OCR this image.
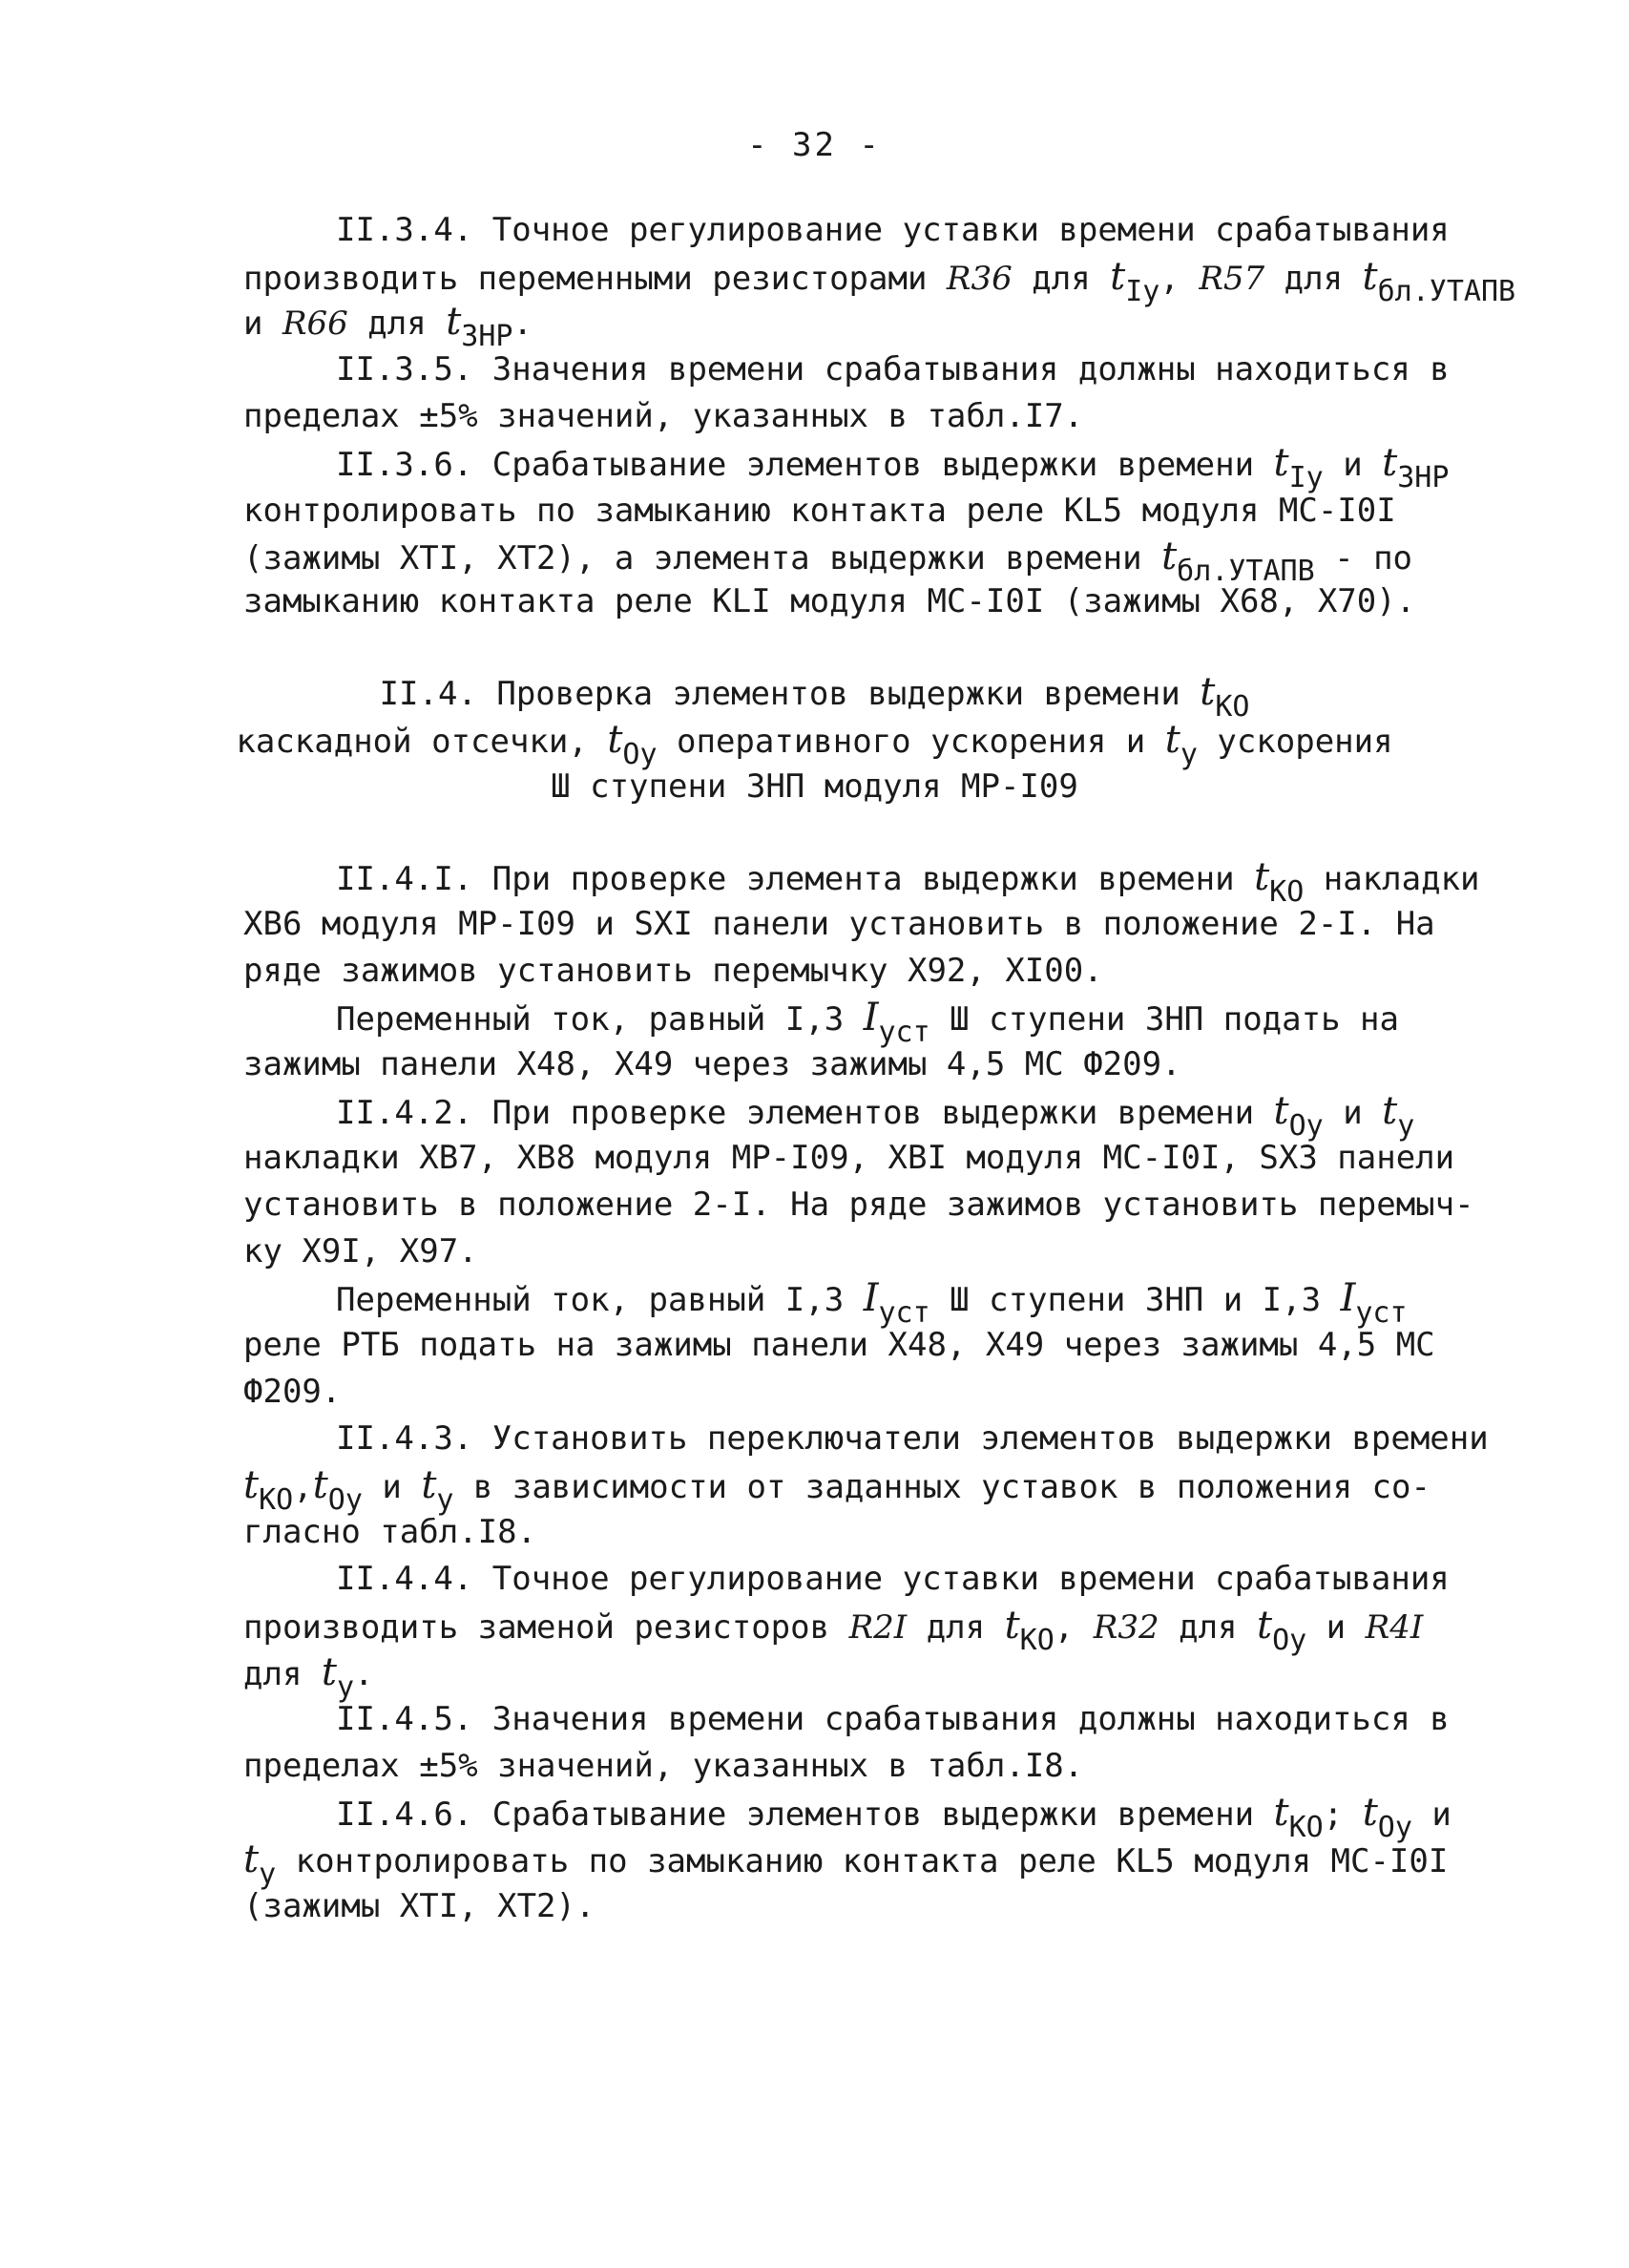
- 32 -
II.3.4. Точное регулирование уставки времени срабатывания
производить переменными резисторами R36 для $t_{Iу}$, R57 для $t_{бл.УТАПВ}$
и R66 для $t_{ЗНР}$.
II.3.5. Значения времени срабатывания должны находиться в
пределах ±5% значений, указанных в табл.I7.
II.3.6. Срабатывание элементов выдержки времени $t_{Iу}$ и $t_{ЗНР}$
контролировать по замыканию контакта реле KL5 модуля МС-I0I
(зажимы XTI, XT2), а элемента выдержки времени $t_{бл.УТАПВ}$ - по
замыканию контакта реле KLI модуля МС-I0I (зажимы X68, X70).
II.4. Проверка элементов выдержки времени $t_{КО}$
каскадной отсечки, $t_{Оу}$ оперативного ускорения и $t_у$ ускорения
Ш ступени ЗНП модуля МР-I09
II.4.I. При проверке элемента выдержки времени $t_{КО}$ накладки
XB6 модуля МР-I09 и SXI панели установить в положение 2-I. На
ряде зажимов установить перемычку X92, XI00.
Переменный ток, равный I,3 $I_{уст}$ Ш ступени ЗНП подать на
зажимы панели X48, X49 через зажимы 4,5 МС Ф209.
II.4.2. При проверке элементов выдержки времени $t_{Оу}$ и $t_у$
накладки XB7, XB8 модуля МР-I09, XBI модуля МС-I0I, SX3 панели
установить в положение 2-I. На ряде зажимов установить перемыч-
ку X9I, X97.
Переменный ток, равный I,3 $I_{уст}$ Ш ступени ЗНП и I,3 $I_{уст}$
реле РТБ подать на зажимы панели X48, X49 через зажимы 4,5 МС
Ф209.
II.4.3. Установить переключатели элементов выдержки времени
$t_{КО},t_{Оу}$ и $t_у$ в зависимости от заданных уставок в положения со-
гласно табл.I8.
II.4.4. Точное регулирование уставки времени срабатывания
производить заменой резисторов R2I для $t_{КО}$, R32 для $t_{Оу}$ и R4I
для $t_у$.
II.4.5. Значения времени срабатывания должны находиться в
пределах ±5% значений, указанных в табл.I8.
II.4.6. Срабатывание элементов выдержки времени $t_{КО}$; $t_{Оу}$ и
$t_у$ контролировать по замыканию контакта реле KL5 модуля МС-I0I
(зажимы XTI, XT2).
